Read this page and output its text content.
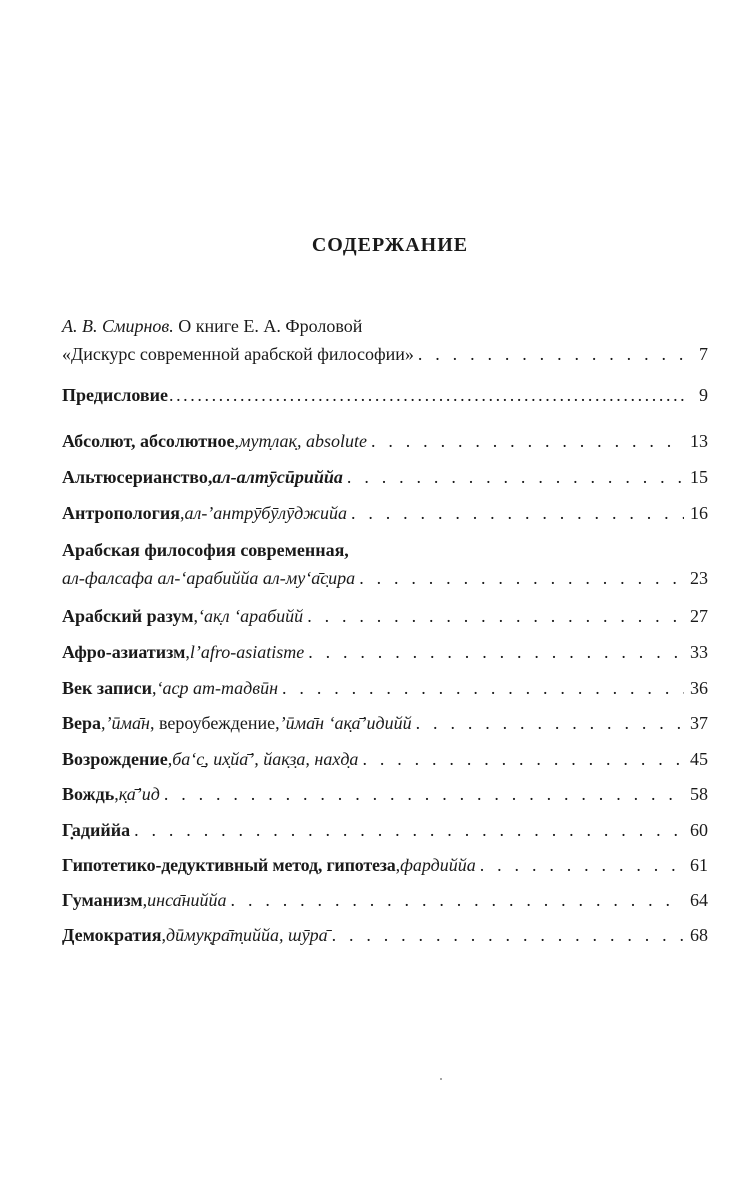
СОДЕРЖАНИЕ
А. В. Смирнов. О книге Е. А. Фроловой
«Дискурс современной арабской философии» . . .	7
Предисловие .....	9
Абсолют, абсолютное , мут̣лак̣, absolute . . .	13
Альтюсерианство, ал-алтӯсӣриййа . . .	15
Антропология , ал-’антрӯбӯлӯджийа . . .	16
Арабская философия современная,
ал-фалсафа ал-‘арабиййа ал-му‘а̄с̣ира . . .	23
Арабский разум , ‘ак̣л ‘арабийй . . .	27
Афро-азиатизм , l’afro-asiatisme . . .	33
Век записи , ‘ас̣р ат-тадвӣн . . .	36
Вера , ’ӣма̄н , вероубеждение, ’ӣма̄н ‘ак̣а̄’идийй . . .	37
Возрождение , ба‘с̱, их̣йа̄’, йак̣з̣а, нахд̣а . . .	45
Вождь , к̣а̄’ид . . .	58
Г̣адиййа . . .	60
Гипотетико-дедуктивный метод, гипотеза , фардиййа . . .	61
Гуманизм , инса̄ниййа . . .	64
Демократия , дӣмук̣ра̄т̣иййа, шӯра̄ . . .	68
